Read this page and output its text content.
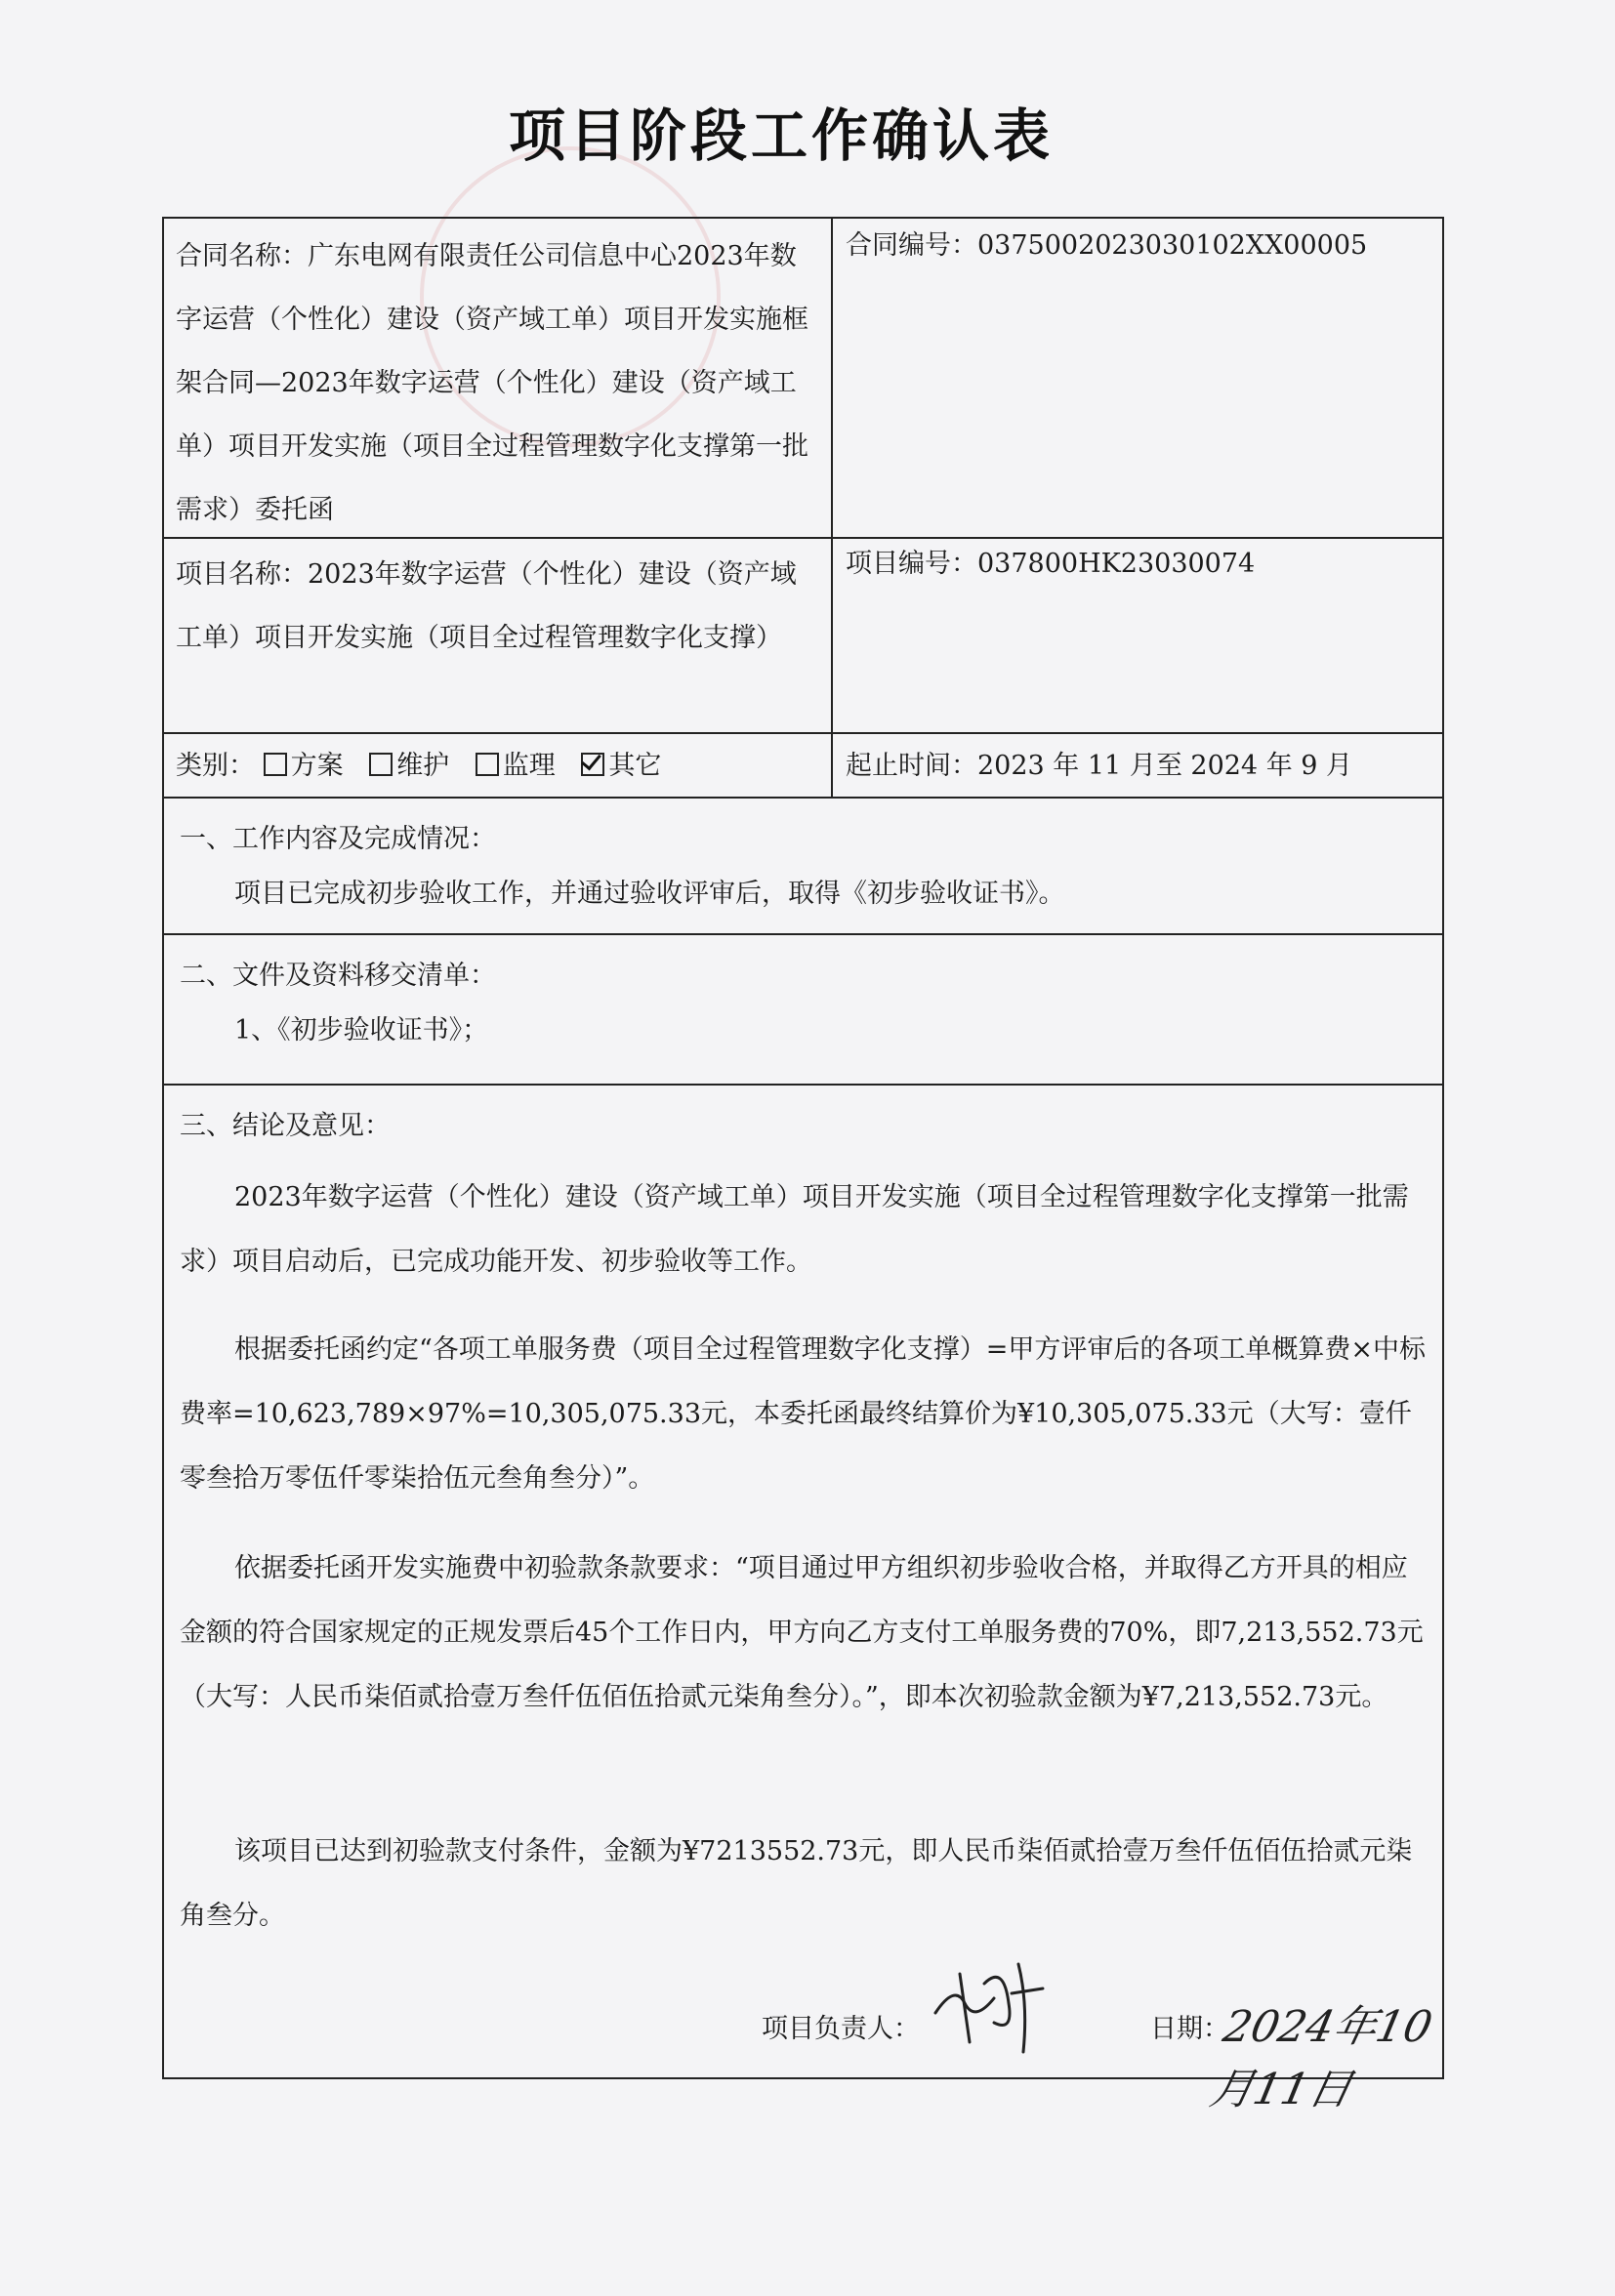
项目阶段工作确认表
合同名称：广东电网有限责任公司信息中心2023年数字运营（个性化）建设（资产域工单）项目开发实施框架合同—2023年数字运营（个性化）建设（资产域工单）项目开发实施（项目全过程管理数字化支撑第一批需求）委托函
合同编号：0375002023030102XX00005
项目名称：2023年数字运营（个性化）建设（资产域工单）项目开发实施（项目全过程管理数字化支撑）
项目编号：037800HK23030074
类别： 方案 维护 监理 其它	起止时间：2023 年 11 月至 2024 年 9 月
一、工作内容及完成情况：
项目已完成初步验收工作，并通过验收评审后，取得《初步验收证书》。
二、文件及资料移交清单：
1、《初步验收证书》；
三、结论及意见：
2023年数字运营（个性化）建设（资产域工单）项目开发实施（项目全过程管理数字化支撑第一批需求）项目启动后，已完成功能开发、初步验收等工作。
根据委托函约定“各项工单服务费（项目全过程管理数字化支撑）=甲方评审后的各项工单概算费×中标费率=10,623,789×97%=10,305,075.33元，本委托函最终结算价为¥10,305,075.33元（大写：壹仟零叁拾万零伍仟零柒拾伍元叁角叁分）”。
依据委托函开发实施费中初验款条款要求：“项目通过甲方组织初步验收合格，并取得乙方开具的相应金额的符合国家规定的正规发票后45个工作日内，甲方向乙方支付工单服务费的70%，即7,213,552.73元（大写：人民币柒佰贰拾壹万叁仟伍佰伍拾贰元柒角叁分）。”，即本次初验款金额为¥7,213,552.73元。
该项目已达到初验款支付条件，金额为¥7213552.73元，即人民币柒佰贰拾壹万叁仟伍佰伍拾贰元柒角叁分。
项目负责人：	日期：
2024年10月11日
